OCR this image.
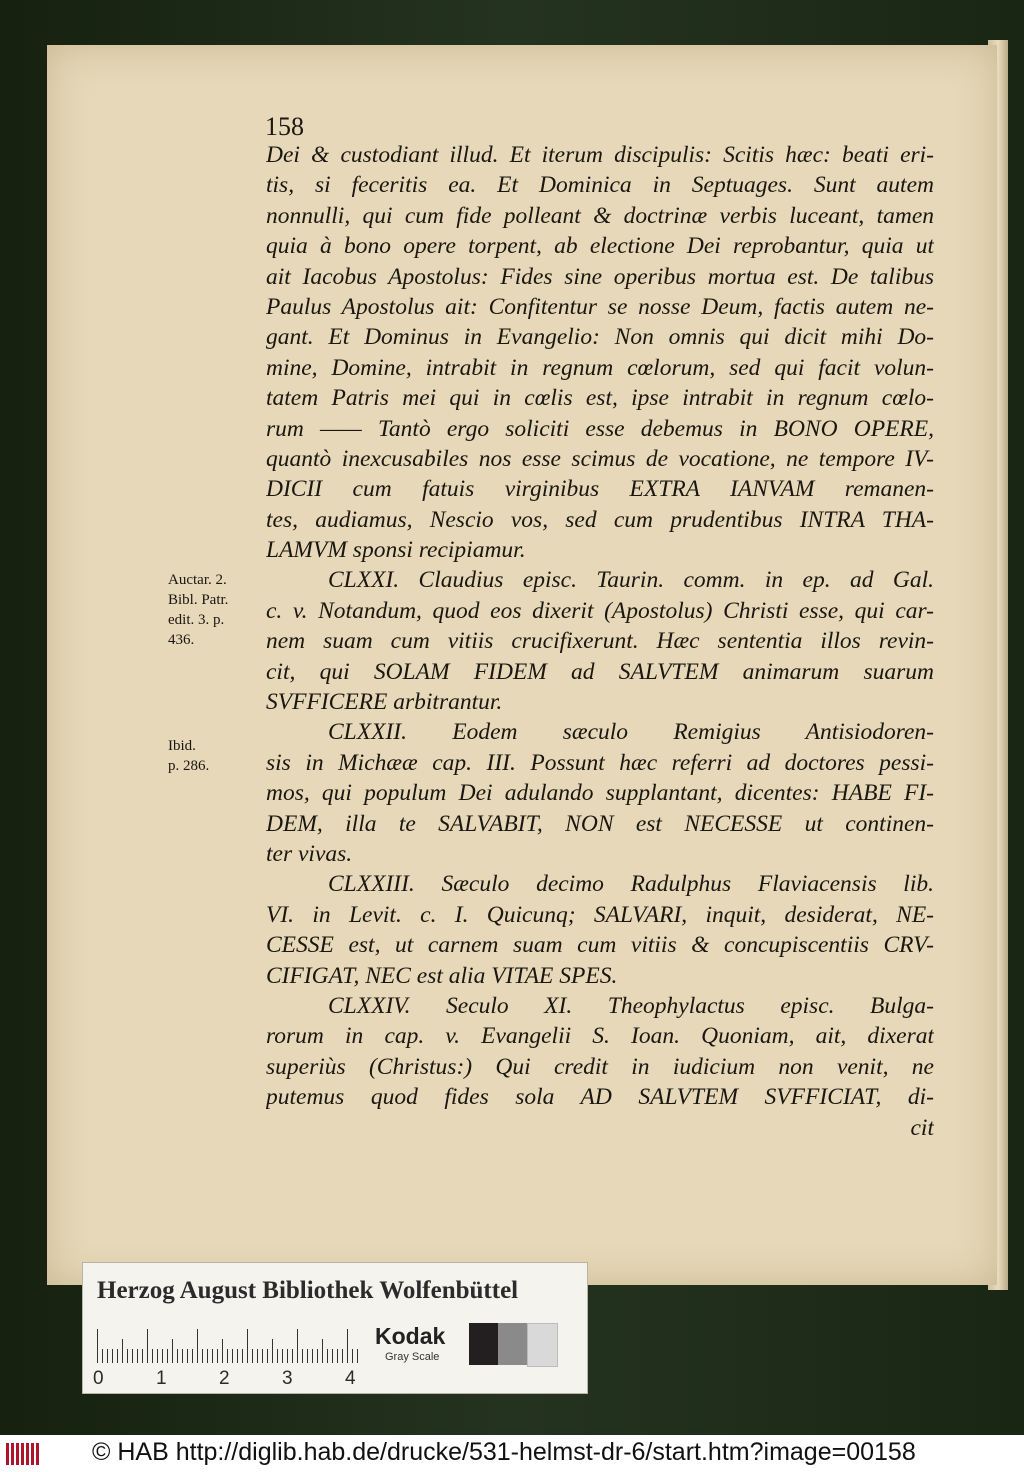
158
Dei & custodiant illud. Et iterum discipulis: Scitis hæc: beati eri-
tis, si feceritis ea. Et Dominica in Septuages. Sunt autem
nonnulli, qui cum fide polleant & doctrinæ verbis luceant, tamen
quia à bono opere torpent, ab electione Dei reprobantur, quia ut
ait Iacobus Apostolus: Fides sine operibus mortua est. De talibus
Paulus Apostolus ait: Confitentur se nosse Deum, factis autem ne-
gant. Et Dominus in Evangelio: Non omnis qui dicit mihi Do-
mine, Domine, intrabit in regnum cœlorum, sed qui facit volun-
tatem Patris mei qui in cœlis est, ipse intrabit in regnum cœlo-
rum —— Tantò ergo soliciti esse debemus in BONO OPERE,
quantò inexcusabiles nos esse scimus de vocatione, ne tempore IV-
DICII cum fatuis virginibus EXTRA IANVAM remanen-
tes, audiamus, Nescio vos, sed cum prudentibus INTRA THA-
LAMVM sponsi recipiamur.
CLXXI. Claudius episc. Taurin. comm. in ep. ad Gal.
c. v. Notandum, quod eos dixerit (Apostolus) Christi esse, qui car-
nem suam cum vitiis crucifixerunt. Hæc sententia illos revin-
cit, qui SOLAM FIDEM ad SALVTEM animarum suarum
SVFFICERE arbitrantur.
CLXXII. Eodem sæculo Remigius Antisiodoren-
sis in Michææ cap. III. Possunt hæc referri ad doctores pessi-
mos, qui populum Dei adulando supplantant, dicentes: HABE FI-
DEM, illa te SALVABIT, NON est NECESSE ut continen-
ter vivas.
CLXXIII. Sæculo decimo Radulphus Flaviacensis lib.
VI. in Levit. c. I. Quicunq; SALVARI, inquit, desiderat, NE-
CESSE est, ut carnem suam cum vitiis & concupiscentiis CRV-
CIFIGAT, NEC est alia VITAE SPES.
CLXXIV. Seculo XI. Theophylactus episc. Bulga-
rorum in cap. v. Evangelii S. Ioan. Quoniam, ait, dixerat
superiùs (Christus:) Qui credit in iudicium non venit, ne
putemus quod fides sola AD SALVTEM SVFFICIAT, di-
cit
Auctar. 2.
Bibl. Patr.
edit. 3. p.
436.
Ibid.
p. 286.
Herzog August Bibliothek Wolfenbüttel
0	1	2	3	4
Kodak
Gray Scale
© HAB http://diglib.hab.de/drucke/531-helmst-dr-6/start.htm?image=00158
